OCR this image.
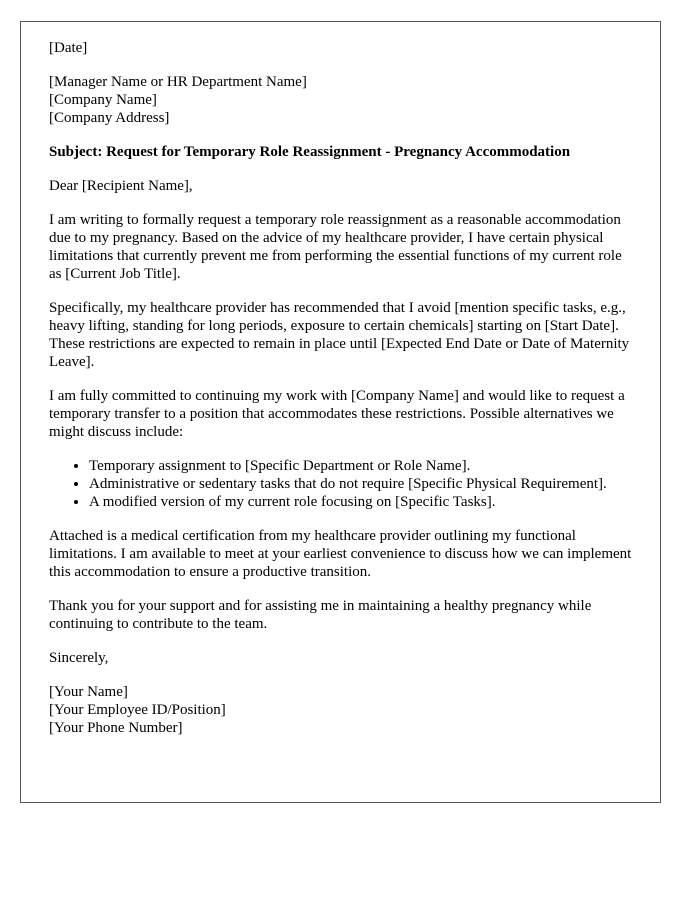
[Date]

[Manager Name or HR Department Name]
[Company Name]
[Company Address]

Subject: Request for Temporary Role Reassignment - Pregnancy Accommodation

Dear [Recipient Name],

I am writing to formally request a temporary role reassignment as a reasonable accommodation due to my pregnancy. Based on the advice of my healthcare provider, I have certain physical limitations that currently prevent me from performing the essential functions of my current role as [Current Job Title].

Specifically, my healthcare provider has recommended that I avoid [mention specific tasks, e.g., heavy lifting, standing for long periods, exposure to certain chemicals] starting on [Start Date]. These restrictions are expected to remain in place until [Expected End Date or Date of Maternity Leave].

I am fully committed to continuing my work with [Company Name] and would like to request a temporary transfer to a position that accommodates these restrictions. Possible alternatives we might discuss include:

• Temporary assignment to [Specific Department or Role Name].
• Administrative or sedentary tasks that do not require [Specific Physical Requirement].
• A modified version of my current role focusing on [Specific Tasks].

Attached is a medical certification from my healthcare provider outlining my functional limitations. I am available to meet at your earliest convenience to discuss how we can implement this accommodation to ensure a productive transition.

Thank you for your support and for assisting me in maintaining a healthy pregnancy while continuing to contribute to the team.

Sincerely,

[Your Name]
[Your Employee ID/Position]
[Your Phone Number]
